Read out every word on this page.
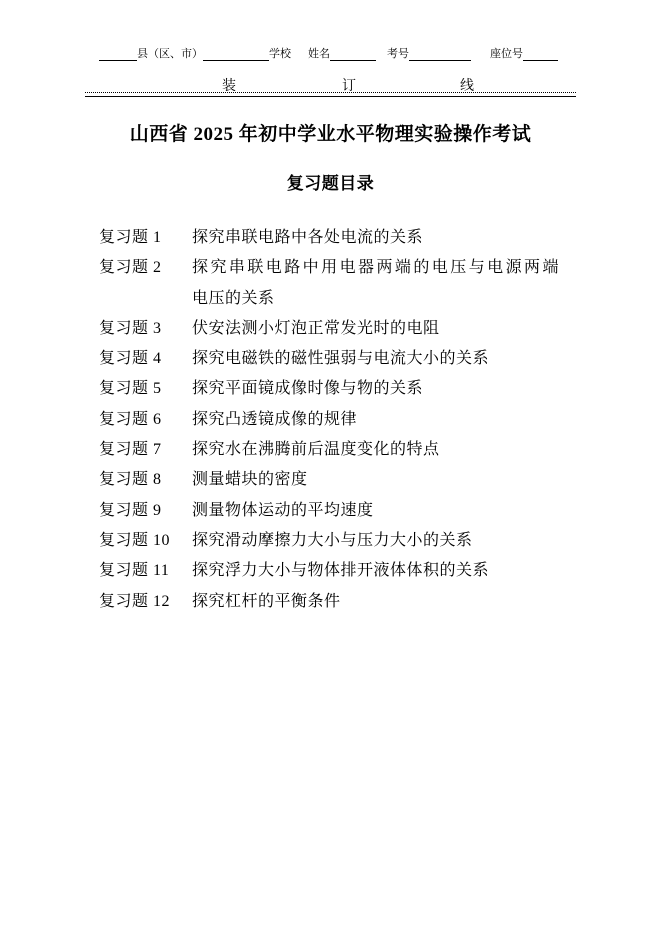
县（区、市）	学校 姓名	考号	座位号
装	订	线
山西省 2025 年初中学业水平物理实验操作考试
复习题目录
复习题 1	探究串联电路中各处电流的关系
复习题 2	探究串联电路中用电器两端的电压与电源两端
电压的关系
复习题 3	伏安法测小灯泡正常发光时的电阻
复习题 4	探究电磁铁的磁性强弱与电流大小的关系
复习题 5	探究平面镜成像时像与物的关系
复习题 6	探究凸透镜成像的规律
复习题 7	探究水在沸腾前后温度变化的特点
复习题 8	测量蜡块的密度
复习题 9	测量物体运动的平均速度
复习题 10	探究滑动摩擦力大小与压力大小的关系
复习题 11	探究浮力大小与物体排开液体体积的关系
复习题 12	探究杠杆的平衡条件
